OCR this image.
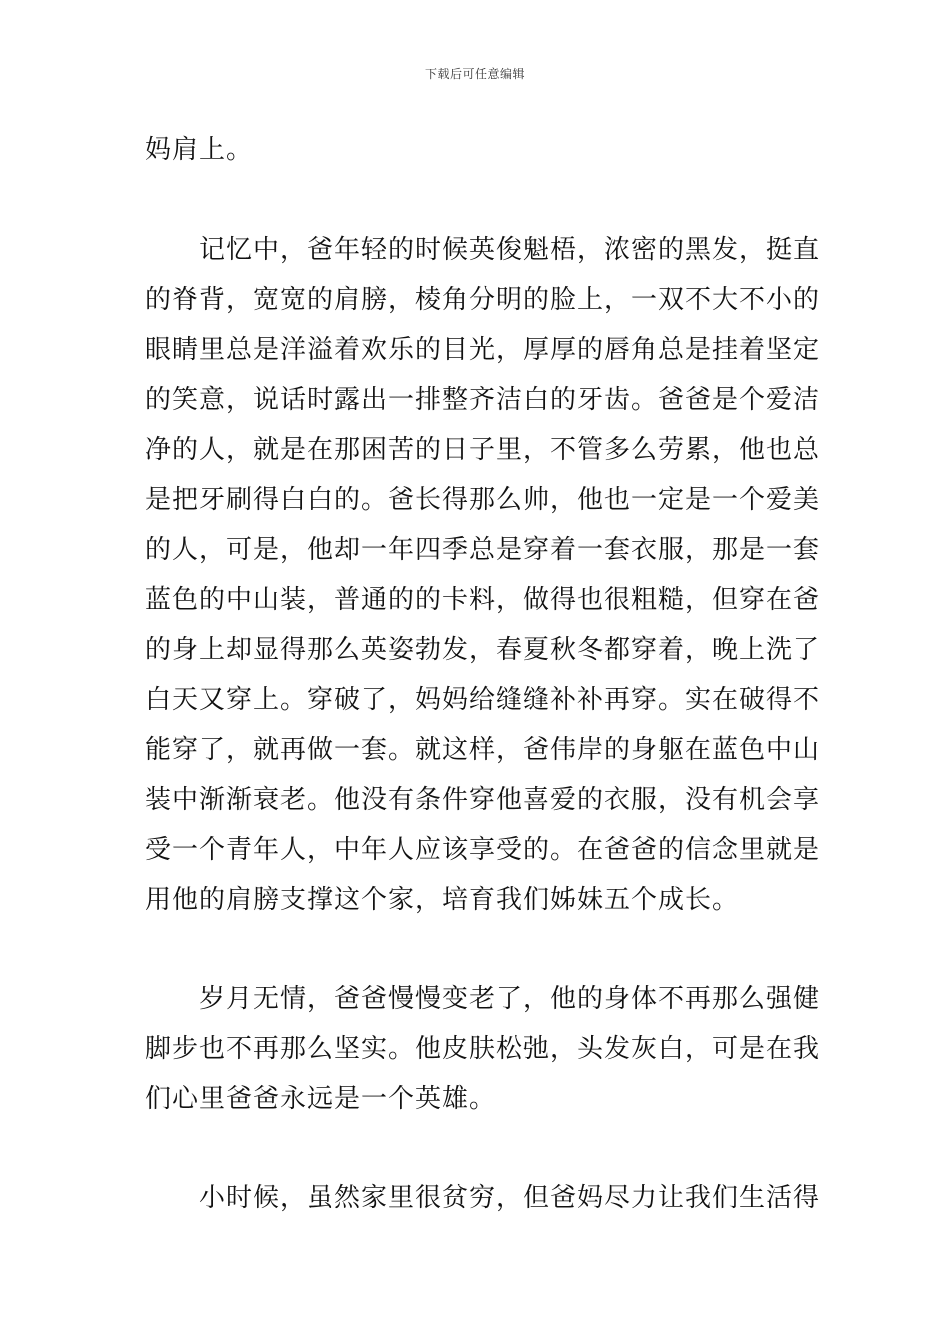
下载后可任意编辑
妈肩上。
记忆中，爸年轻的时候英俊魁梧，浓密的黑发，挺直
的脊背，宽宽的肩膀，棱角分明的脸上，一双不大不小的
眼睛里总是洋溢着欢乐的目光，厚厚的唇角总是挂着坚定
的笑意，说话时露出一排整齐洁白的牙齿。爸爸是个爱洁
净的人，就是在那困苦的日子里，不管多么劳累，他也总
是把牙刷得白白的。爸长得那么帅，他也一定是一个爱美
的人，可是，他却一年四季总是穿着一套衣服，那是一套
蓝色的中山装，普通的的卡料，做得也很粗糙，但穿在爸
的身上却显得那么英姿勃发，春夏秋冬都穿着，晚上洗了
白天又穿上。穿破了，妈妈给缝缝补补再穿。实在破得不
能穿了，就再做一套。就这样，爸伟岸的身躯在蓝色中山
装中渐渐衰老。他没有条件穿他喜爱的衣服，没有机会享
受一个青年人，中年人应该享受的。在爸爸的信念里就是
用他的肩膀支撑这个家，培育我们姊妹五个成长。
岁月无情，爸爸慢慢变老了，他的身体不再那么强健
脚步也不再那么坚实。他皮肤松弛，头发灰白，可是在我
们心里爸爸永远是一个英雄。
小时候，虽然家里很贫穷，但爸妈尽力让我们生活得
